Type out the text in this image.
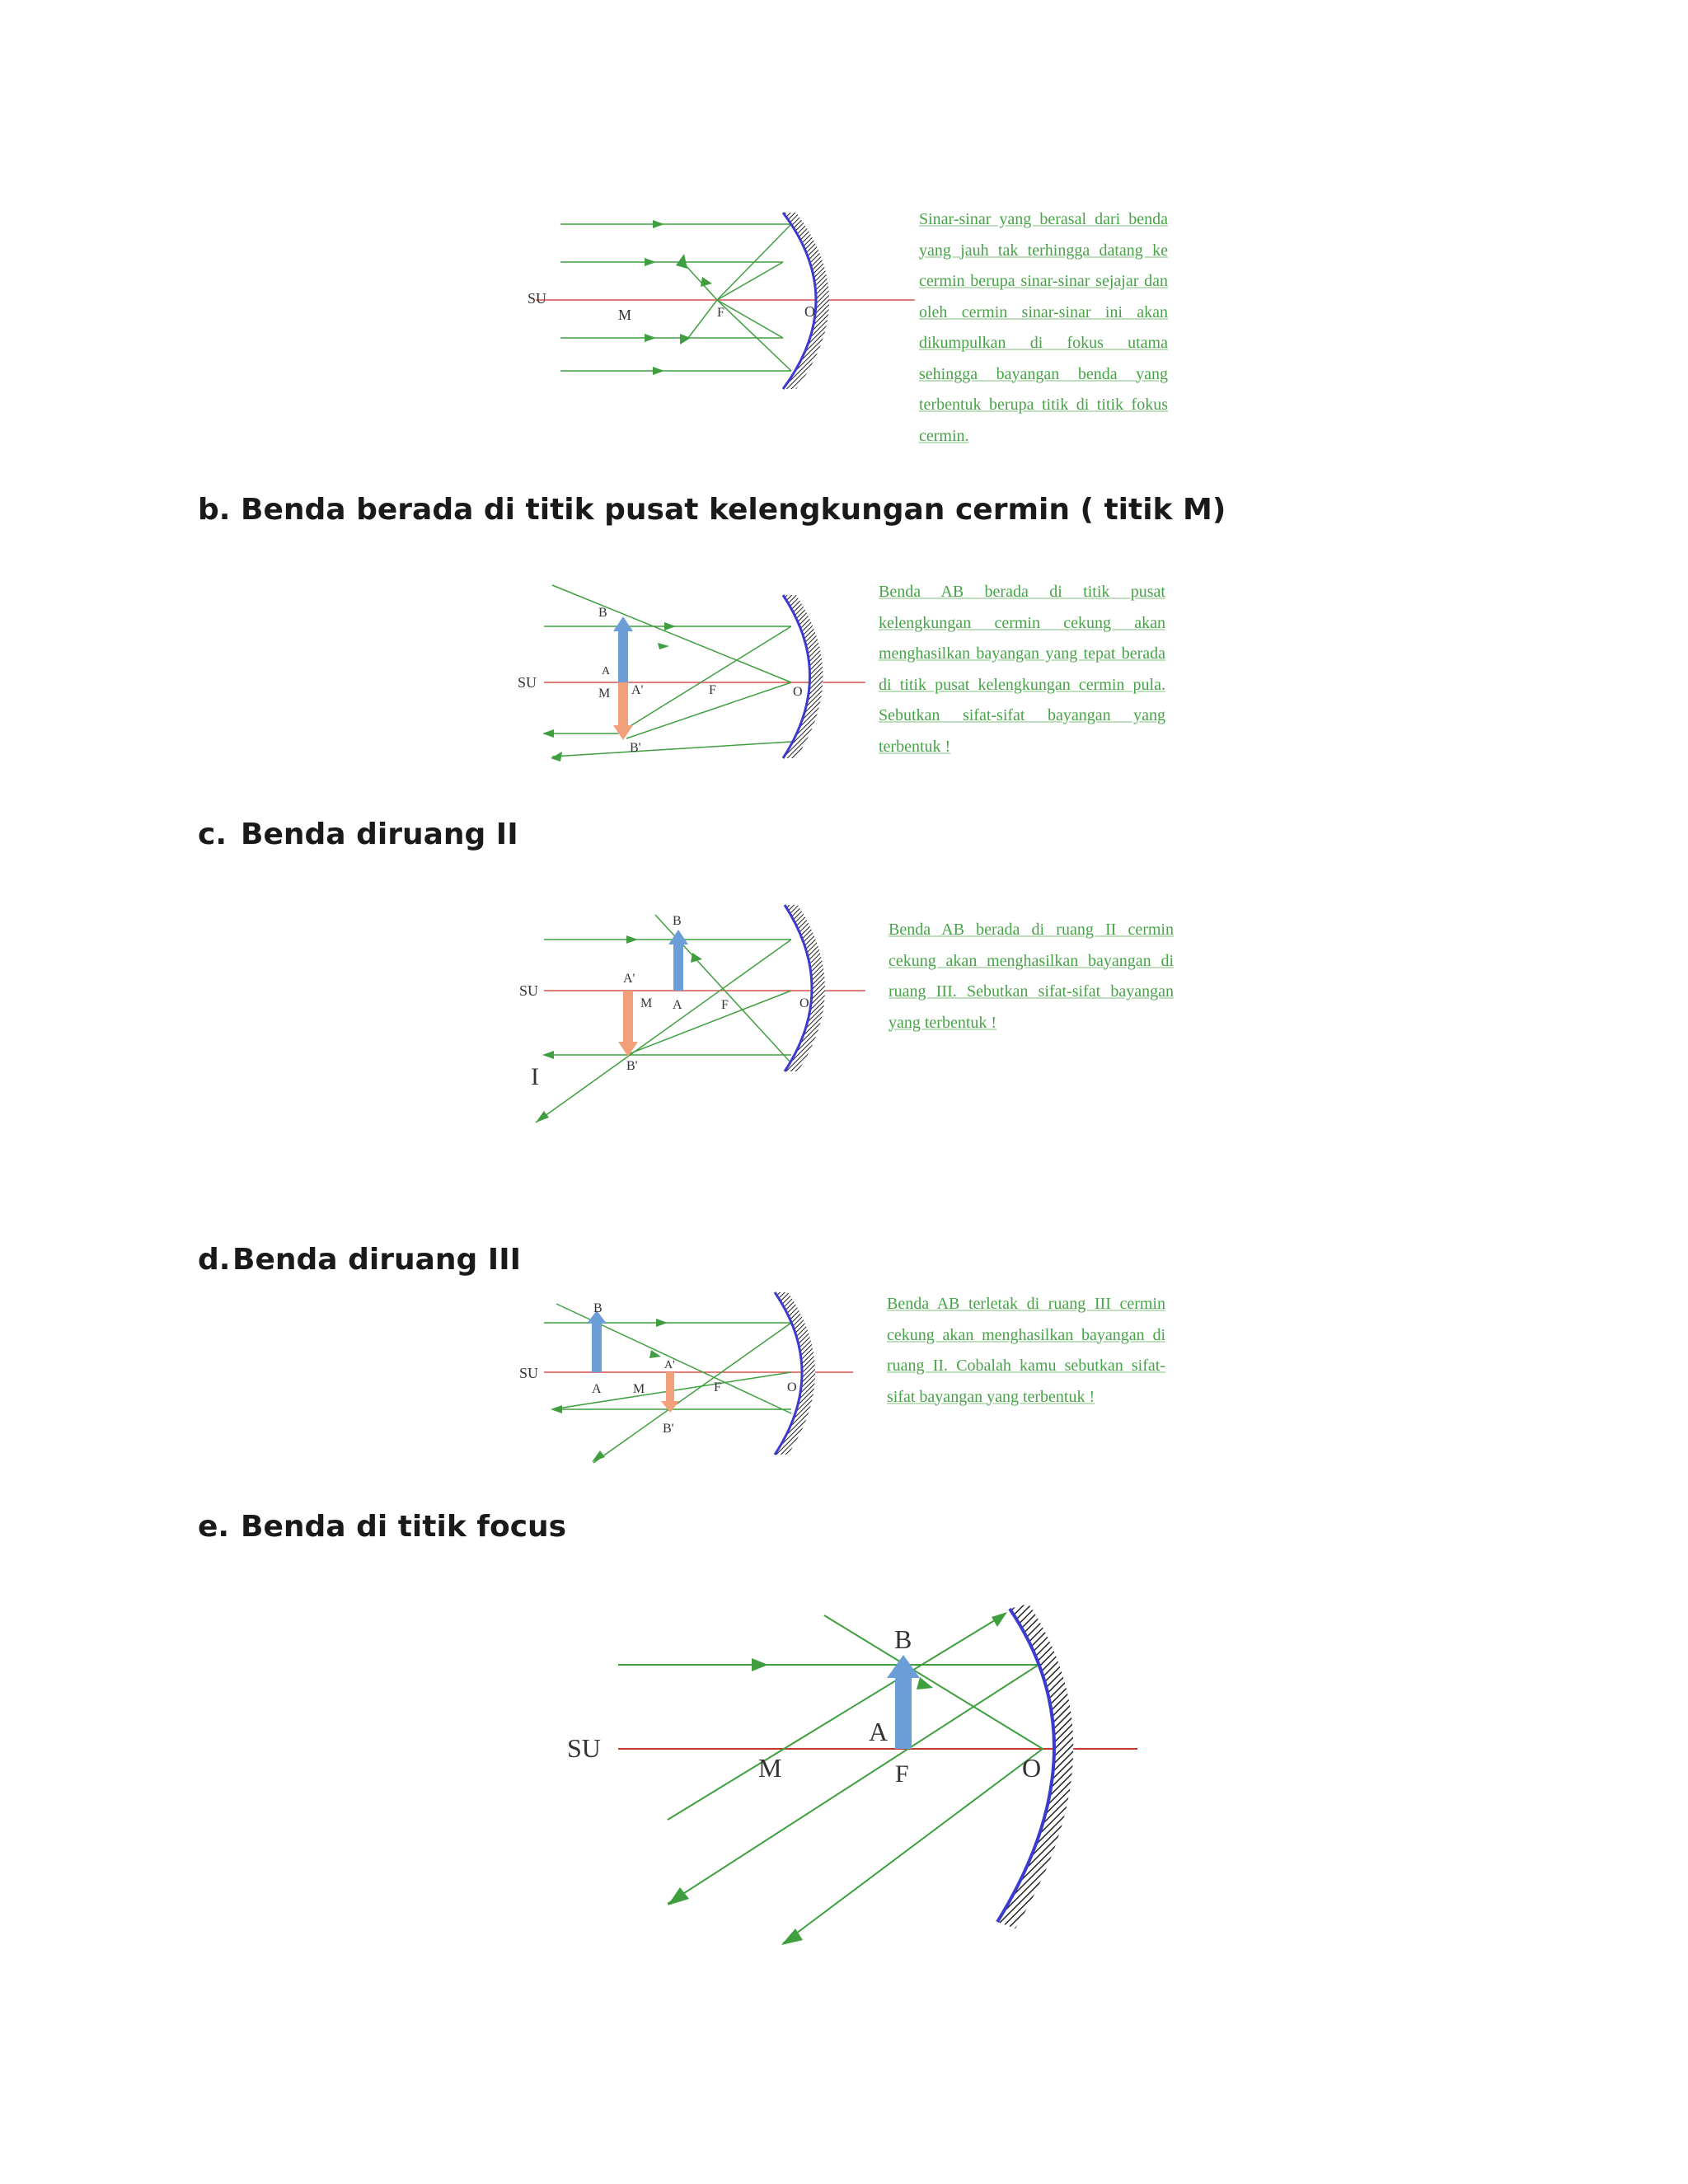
SU
M	F	O

Sinar-sinar yang berasal dari benda yang jauh tak terhingga datang ke cermin berupa sinar-sinar sejajar dan oleh cermin sinar-sinar ini akan dikumpulkan di fokus utama sehingga bayangan benda yang terbentuk berupa titik di titik fokus cermin.

b. Benda berada di titik pusat kelengkungan cermin ( titik M)
SU
B
A
M A'	F	O
B'

Benda AB berada di titik pusat kelengkungan cermin cekung akan menghasilkan bayangan yang tepat berada di titik pusat kelengkungan cermin pula. Sebutkan sifat-sifat bayangan yang terbentuk !

c. Benda diruang II
SU
B
A'
M A	F	O
B'
I

Benda AB berada di ruang II cermin cekung akan menghasilkan bayangan di ruang III. Sebutkan sifat-sifat bayangan yang terbentuk !

d.Benda diruang III
SU
B
A'
A M	F	O
B'

Benda AB terletak di ruang III cermin cekung akan menghasilkan bayangan di ruang II. Cobalah kamu sebutkan sifat-sifat bayangan yang terbentuk !

e. Benda di titik focus
SU
B
A
M	F	O
